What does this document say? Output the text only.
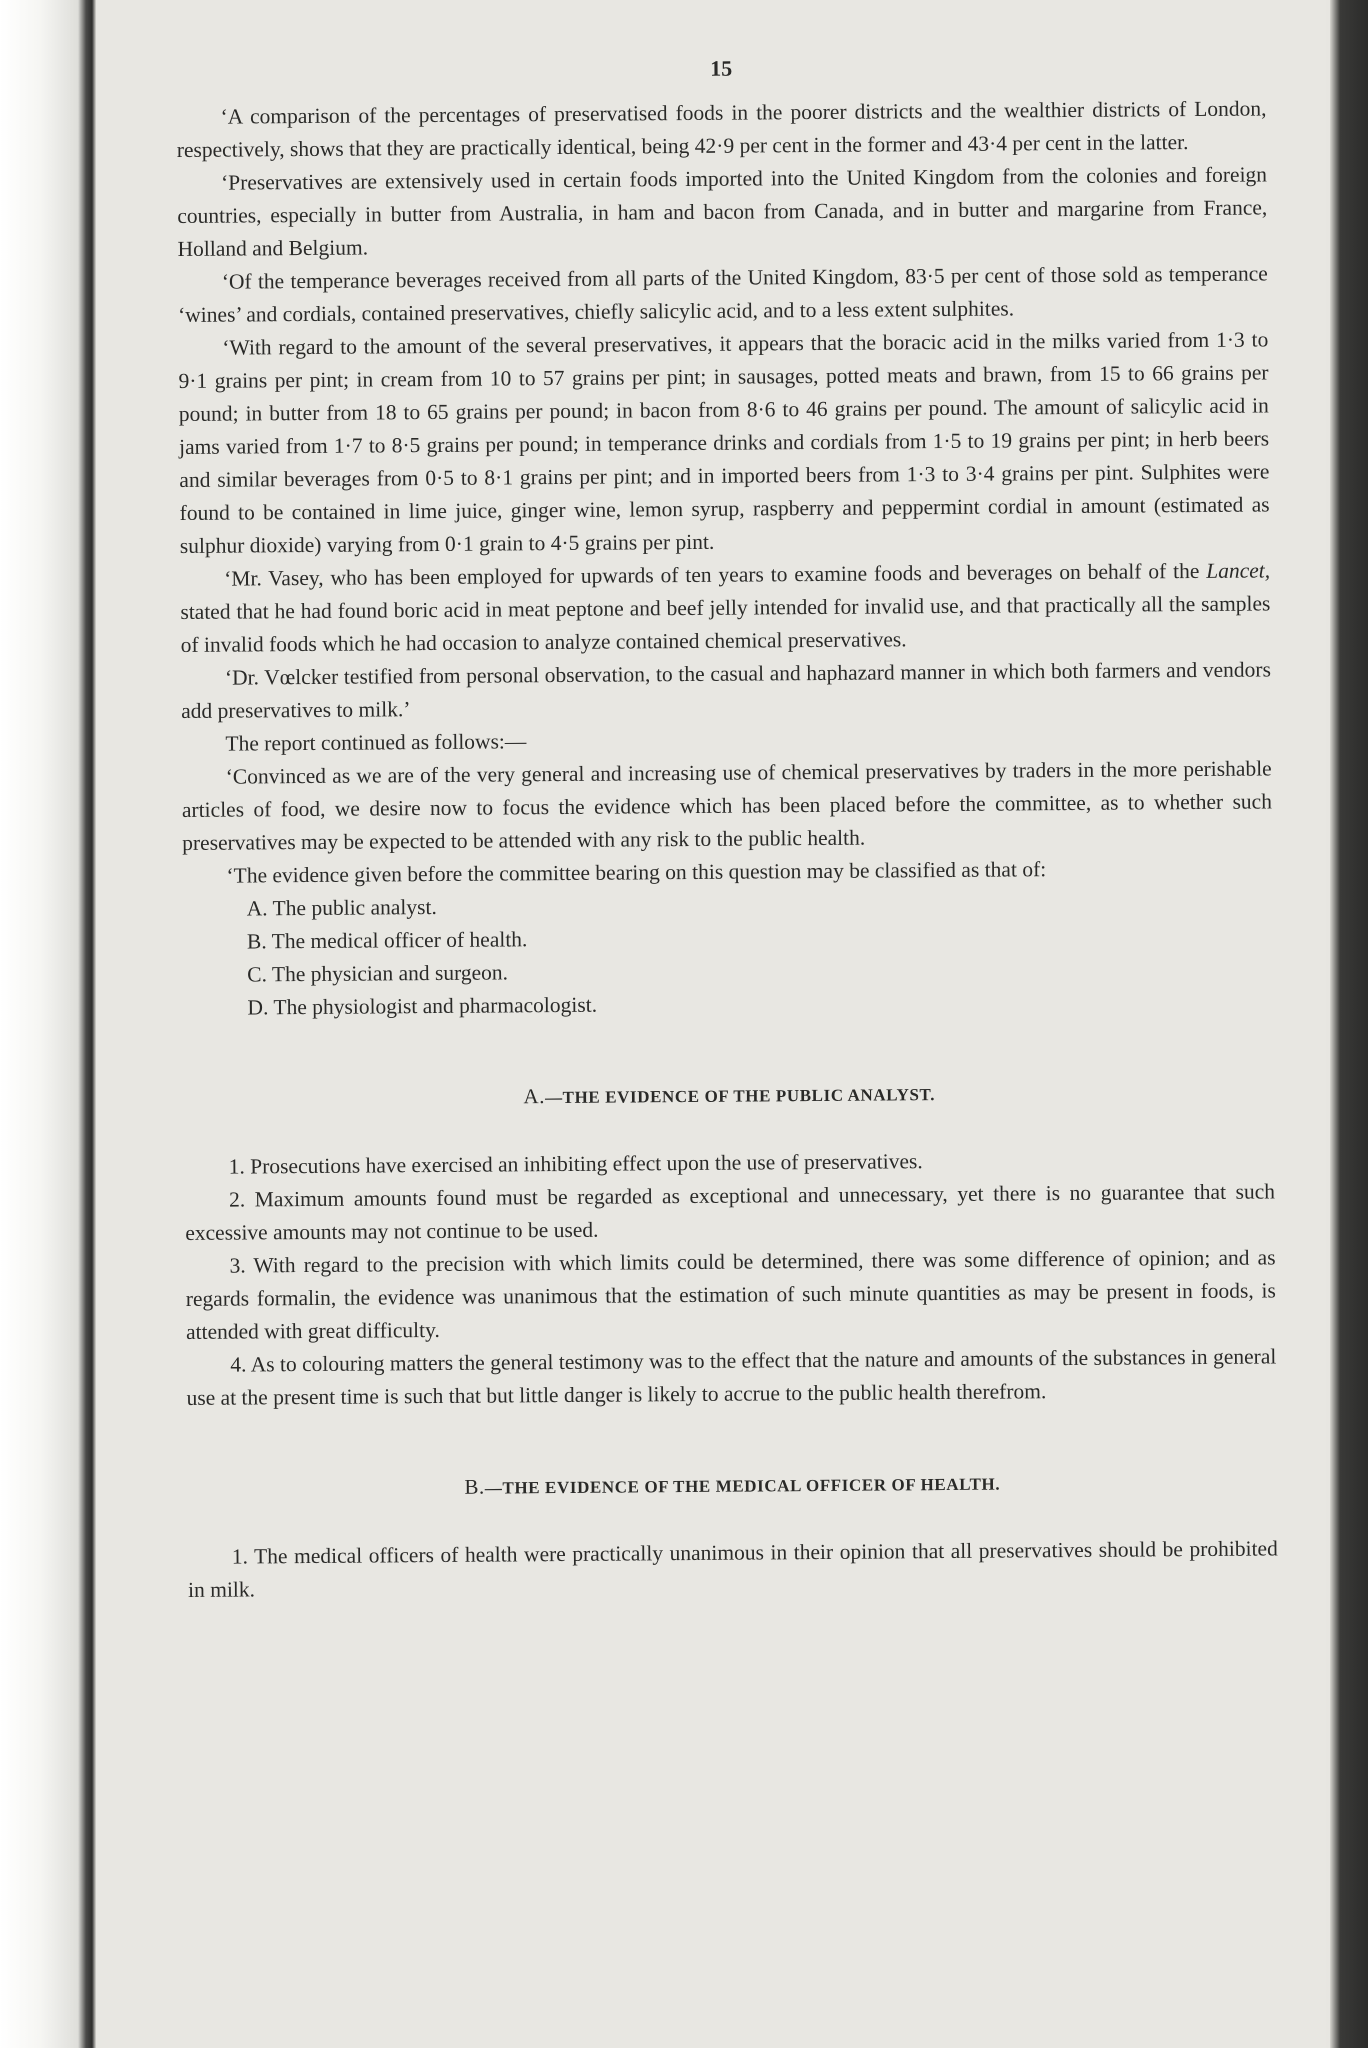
15

‘A comparison of the percentages of preservatised foods in the poorer districts and the wealthier districts of London, respectively, shows that they are practically identical, being 42·9 per cent in the former and 43·4 per cent in the latter.

‘Preservatives are extensively used in certain foods imported into the United Kingdom from the colonies and foreign countries, especially in butter from Australia, in ham and bacon from Canada, and in butter and margarine from France, Holland and Belgium.

‘Of the temperance beverages received from all parts of the United Kingdom, 83·5 per cent of those sold as temperance ‘wines’ and cordials, contained preservatives, chiefly salicylic acid, and to a less extent sulphites.

‘With regard to the amount of the several preservatives, it appears that the boracic acid in the milks varied from 1·3 to 9·1 grains per pint; in cream from 10 to 57 grains per pint; in sausages, potted meats and brawn, from 15 to 66 grains per pound; in butter from 18 to 65 grains per pound; in bacon from 8·6 to 46 grains per pound. The amount of salicylic acid in jams varied from 1·7 to 8·5 grains per pound; in temperance drinks and cordials from 1·5 to 19 grains per pint; in herb beers and similar beverages from 0·5 to 8·1 grains per pint; and in imported beers from 1·3 to 3·4 grains per pint. Sulphites were found to be contained in lime juice, ginger wine, lemon syrup, raspberry and peppermint cordial in amount (estimated as sulphur dioxide) varying from 0·1 grain to 4·5 grains per pint.

‘Mr. Vasey, who has been employed for upwards of ten years to examine foods and beverages on behalf of the Lancet, stated that he had found boric acid in meat peptone and beef jelly intended for invalid use, and that practically all the samples of invalid foods which he had occasion to analyze contained chemical preservatives.

‘Dr. Vœlcker testified from personal observation, to the casual and haphazard manner in which both farmers and vendors add preservatives to milk.’

The report continued as follows:—

‘Convinced as we are of the very general and increasing use of chemical preservatives by traders in the more perishable articles of food, we desire now to focus the evidence which has been placed before the committee, as to whether such preservatives may be expected to be attended with any risk to the public health.

‘The evidence given before the committee bearing on this question may be classified as that of:

A. The public analyst.
B. The medical officer of health.
C. The physician and surgeon.
D. The physiologist and pharmacologist.
A.—THE EVIDENCE OF THE PUBLIC ANALYST.

1. Prosecutions have exercised an inhibiting effect upon the use of preservatives.

2. Maximum amounts found must be regarded as exceptional and unnecessary, yet there is no guarantee that such excessive amounts may not continue to be used.

3. With regard to the precision with which limits could be determined, there was some difference of opinion; and as regards formalin, the evidence was unanimous that the estimation of such minute quantities as may be present in foods, is attended with great difficulty.

4. As to colouring matters the general testimony was to the effect that the nature and amounts of the substances in general use at the present time is such that but little danger is likely to accrue to the public health therefrom.

B.—THE EVIDENCE OF THE MEDICAL OFFICER OF HEALTH.

1. The medical officers of health were practically unanimous in their opinion that all preservatives should be prohibited in milk.
